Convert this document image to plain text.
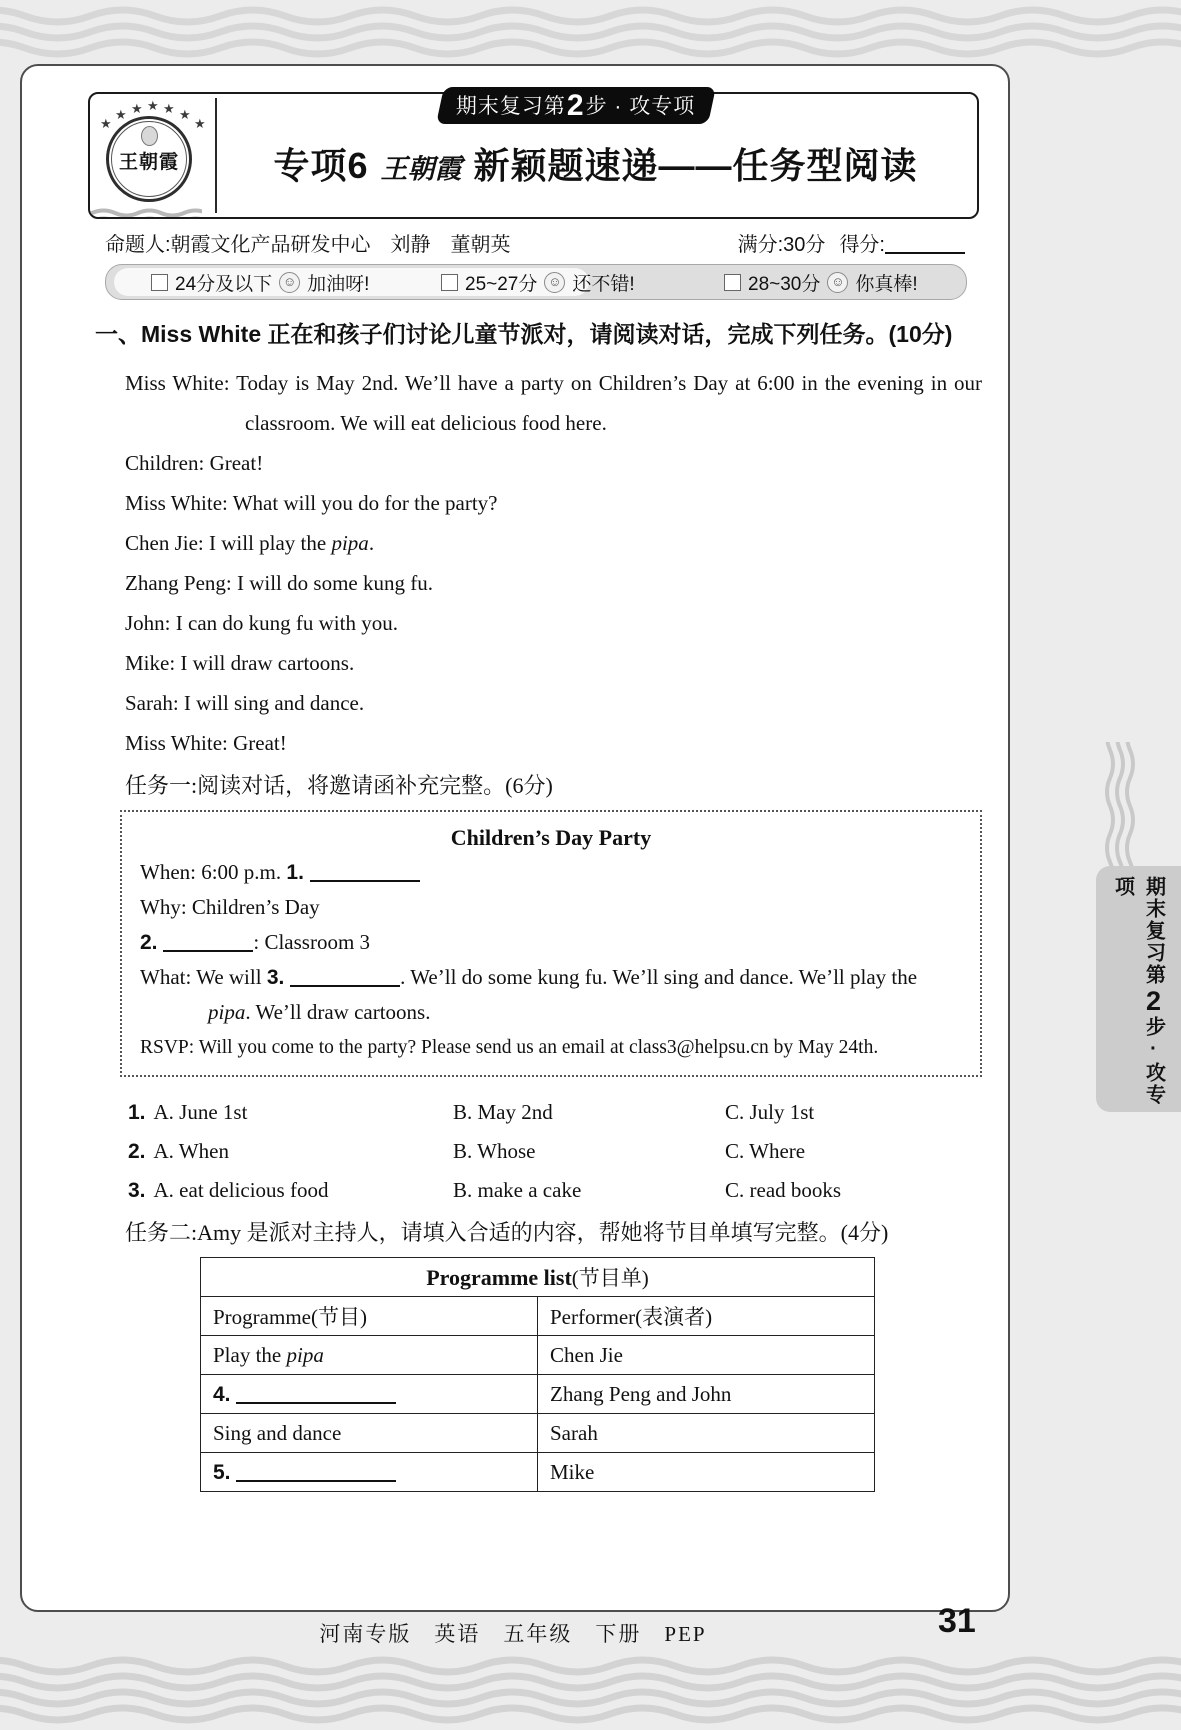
★
★ ★ ★ ★ ★
★
王朝霞	专项6 王朝霞 新颖题速递——任务型阅读
期末复习第2步 · 攻专项
命题人:朝霞文化产品研发中心　刘静　董朝英	满分:30分 得分:
24分及以下 ☺ 加油呀!	25~27分 ☺ 还不错!	28~30分 ☺ 你真棒!
一、Miss White 正在和孩子们讨论儿童节派对，请阅读对话，完成下列任务。(10分)

Miss White: Today is May 2nd. We’ll have a party on Children’s Day at 6:00 in the evening in our classroom. We will eat delicious food here.

Children: Great!

Miss White: What will you do for the party?

Chen Jie: I will play the pipa.

Zhang Peng: I will do some kung fu.

John: I can do kung fu with you.

Mike: I will draw cartoons.

Sarah: I will sing and dance.

Miss White: Great!

任务一:阅读对话，将邀请函补充完整。(6分)

Children’s Day Party

When: 6:00 p.m. 1.

Why: Children’s Day

2.	: Classroom 3

What: We will 3.	. We’ll do some kung fu. We’ll sing and dance. We’ll play the pipa. We’ll draw cartoons.

RSVP: Will you come to the party? Please send us an email at class3@helpsu.cn by May 24th.

1. A. June 1st	B. May 2nd	C. July 1st
2. A. When	B. Whose	C. Where
3. A. eat delicious food	B. make a cake	C. read books
任务二:Amy 是派对主持人，请填入合适的内容，帮她将节目单填写完整。(4分)
Programme list(节目单)	
Programme(节目)	Performer(表演者)
Play the pipa	Chen Jie
4.	Zhang Peng and John
Sing and dance	Sarah
5.	Mike
期末复习第2步·攻专项
河南专版　英语　五年级　下册　PEP	31
